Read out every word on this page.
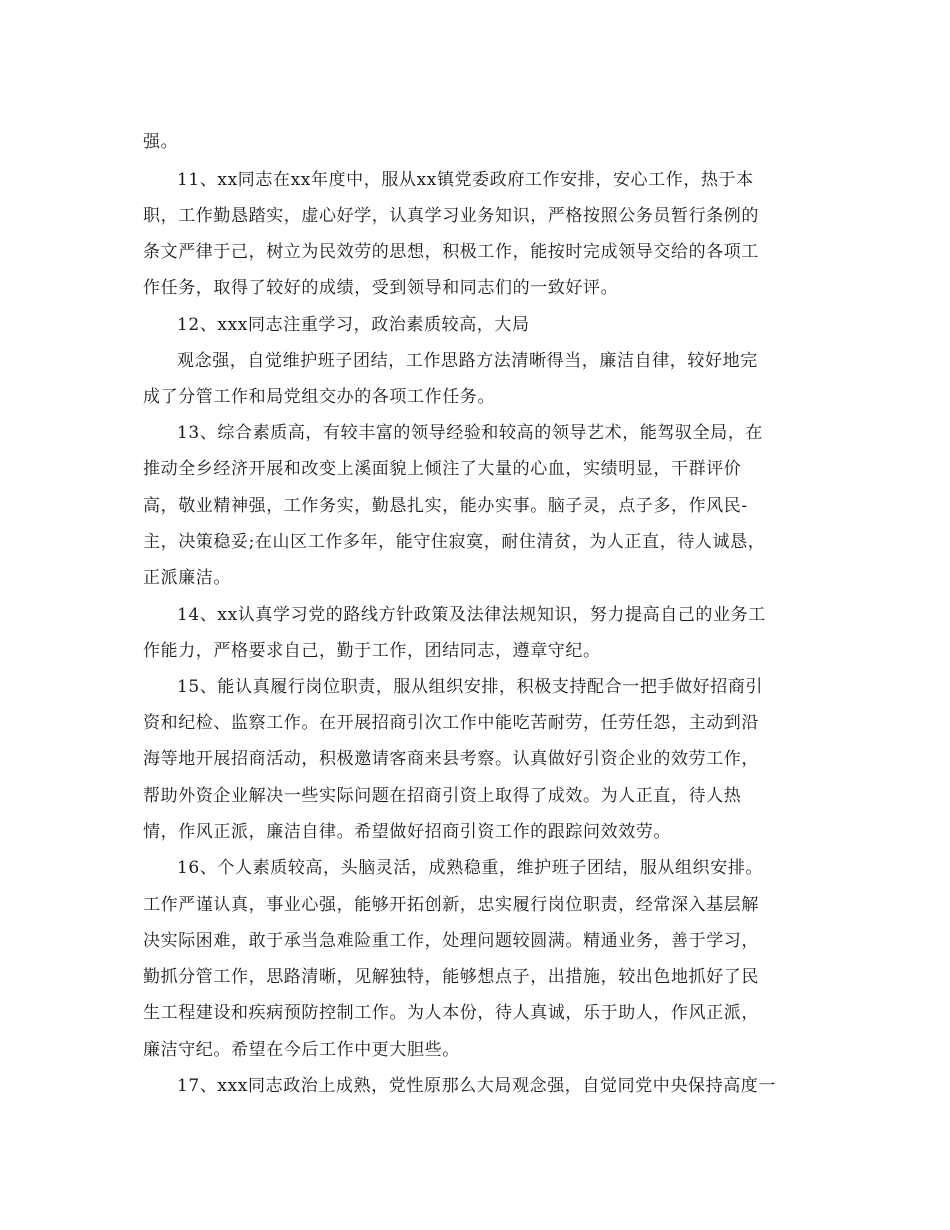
强。
11、xx同志在xx年度中，服从xx镇党委政府工作安排，安心工作，热于本
职，工作勤恳踏实，虚心好学，认真学习业务知识，严格按照公务员暂行条例的
条文严律于己，树立为民效劳的思想，积极工作，能按时完成领导交给的各项工
作任务，取得了较好的成绩，受到领导和同志们的一致好评。
12、xxx同志注重学习，政治素质较高，大局
观念强，自觉维护班子团结，工作思路方法清晰得当，廉洁自律，较好地完
成了分管工作和局党组交办的各项工作任务。
13、综合素质高，有较丰富的领导经验和较高的领导艺术，能驾驭全局，在
推动全乡经济开展和改变上溪面貌上倾注了大量的心血，实绩明显，干群评价
高，敬业精神强，工作务实，勤恳扎实，能办实事。脑子灵，点子多，作风民-
主，决策稳妥;在山区工作多年，能守住寂寞，耐住清贫，为人正直，待人诚恳，
正派廉洁。
14、xx认真学习党的路线方针政策及法律法规知识，努力提高自己的业务工
作能力，严格要求自己，勤于工作，团结同志，遵章守纪。
15、能认真履行岗位职责，服从组织安排，积极支持配合一把手做好招商引
资和纪检、监察工作。在开展招商引次工作中能吃苦耐劳，任劳任怨，主动到沿
海等地开展招商活动，积极邀请客商来县考察。认真做好引资企业的效劳工作，
帮助外资企业解决一些实际问题在招商引资上取得了成效。为人正直，待人热
情，作风正派，廉洁自律。希望做好招商引资工作的跟踪问效效劳。
16、个人素质较高，头脑灵活，成熟稳重，维护班子团结，服从组织安排。
工作严谨认真，事业心强，能够开拓创新，忠实履行岗位职责，经常深入基层解
决实际困难，敢于承当急难险重工作，处理问题较圆满。精通业务，善于学习，
勤抓分管工作，思路清晰，见解独特，能够想点子，出措施，较出色地抓好了民
生工程建设和疾病预防控制工作。为人本份，待人真诚，乐于助人，作风正派，
廉洁守纪。希望在今后工作中更大胆些。
17、xxx同志政治上成熟，党性原那么大局观念强，自觉同党中央保持高度一
